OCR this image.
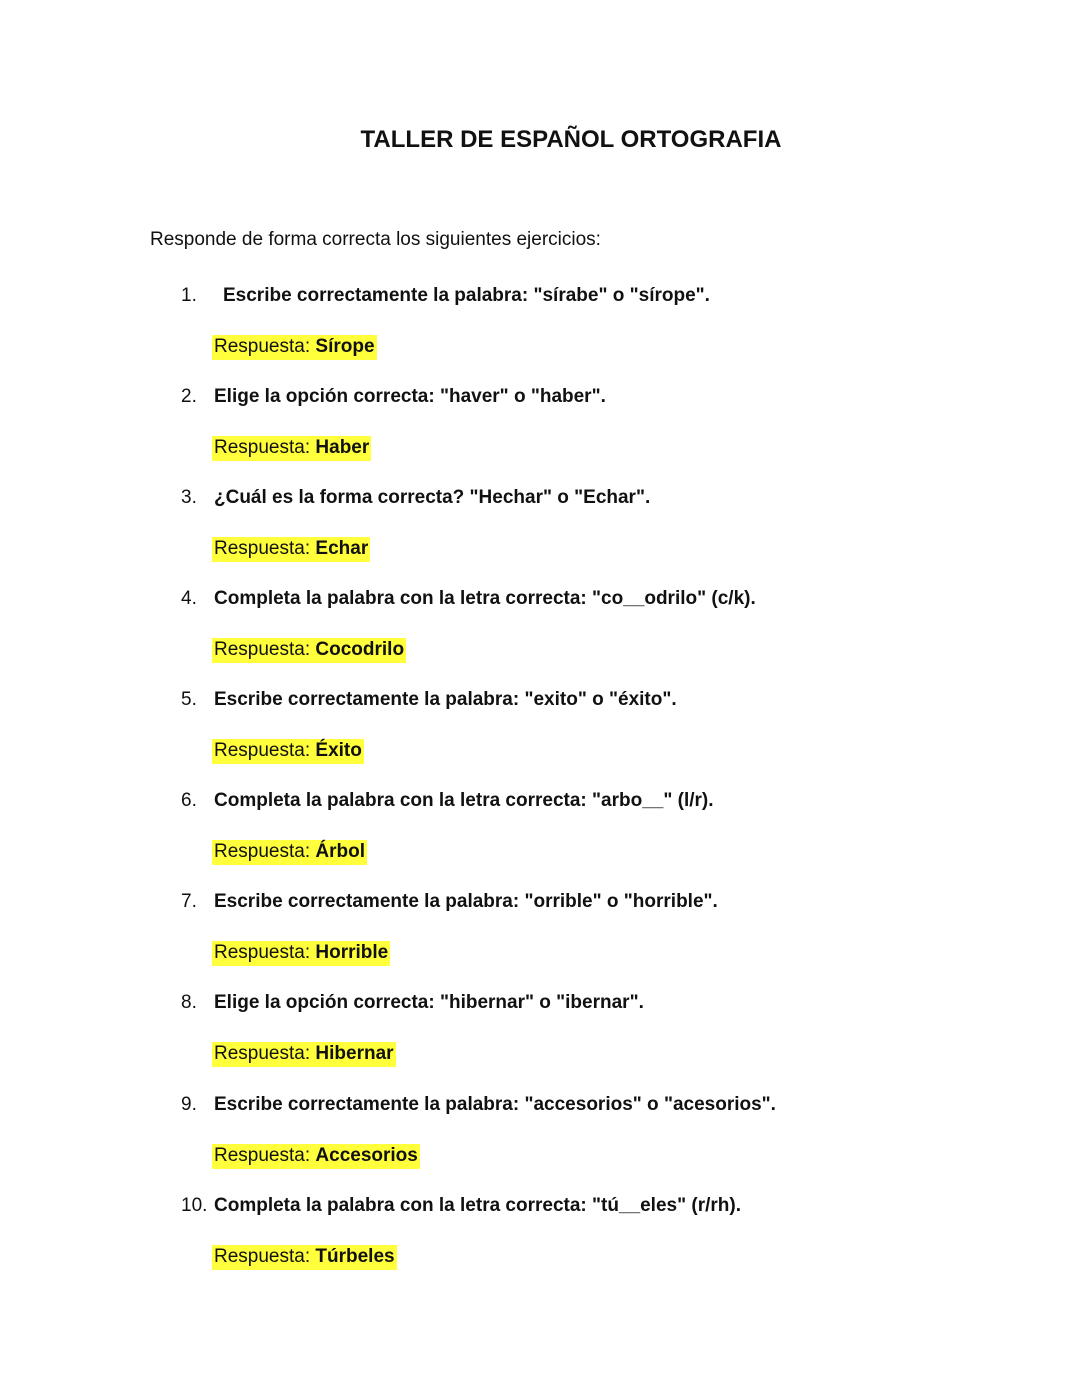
TALLER DE ESPAÑOL ORTOGRAFIA
Responde de forma correcta los siguientes ejercicios:
1. Escribe correctamente la palabra: "sírabe" o "sírope".
Respuesta: Sírope
2. Elige la opción correcta: "haver" o "haber".
Respuesta: Haber
3. ¿Cuál es la forma correcta? "Hechar" o "Echar".
Respuesta: Echar
4. Completa la palabra con la letra correcta: "co__odrilo" (c/k).
Respuesta: Cocodrilo
5. Escribe correctamente la palabra: "exito" o "éxito".
Respuesta: Éxito
6. Completa la palabra con la letra correcta: "arbo__" (l/r).
Respuesta: Árbol
7. Escribe correctamente la palabra: "orrible" o "horrible".
Respuesta: Horrible
8. Elige la opción correcta: "hibernar" o "ibernar".
Respuesta: Hibernar
9. Escribe correctamente la palabra: "accesorios" o "acesorios".
Respuesta: Accesorios
10. Completa la palabra con la letra correcta: "tú__eles" (r/rh).
Respuesta: Túrbeles
